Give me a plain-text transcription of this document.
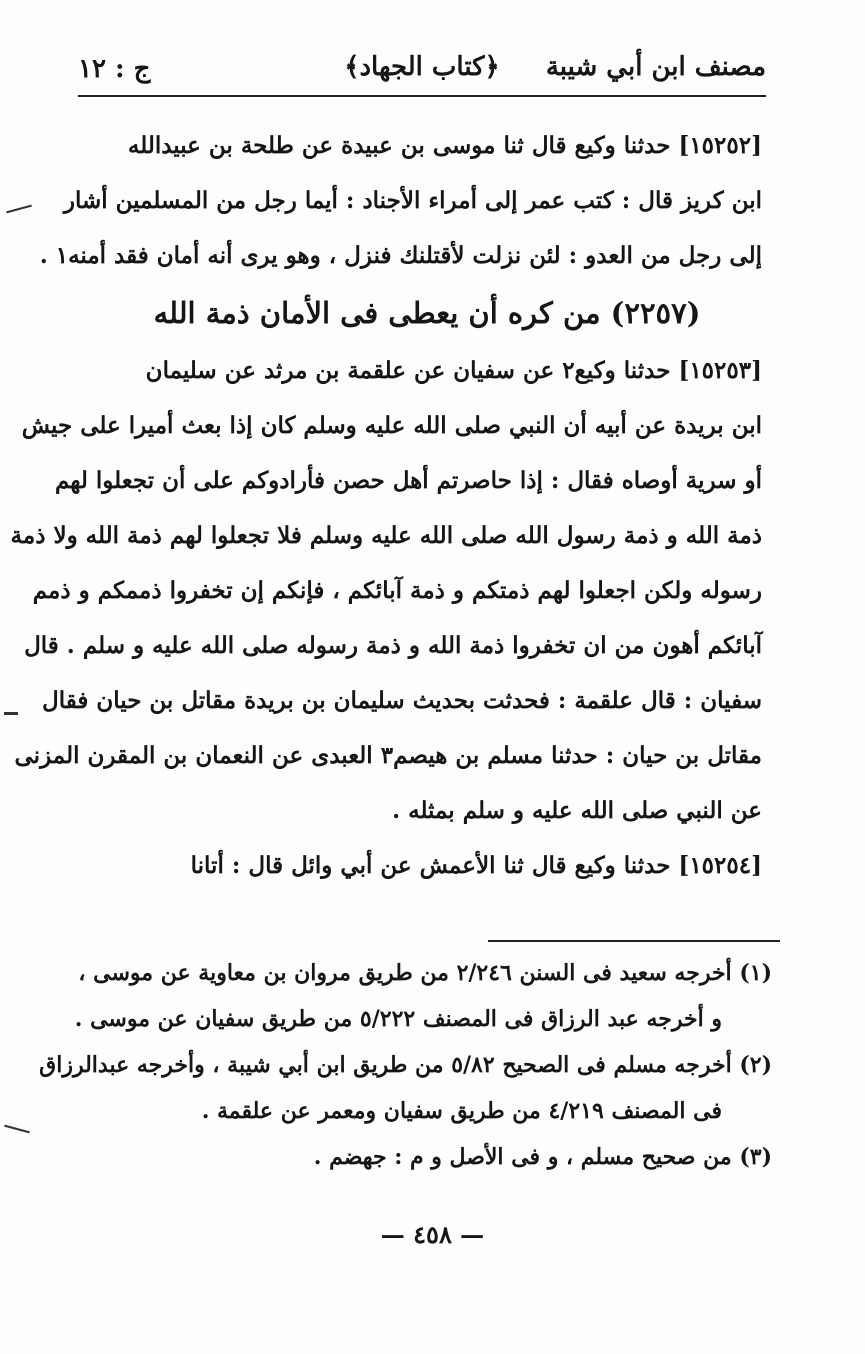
مصنف ابن أبي شيبة
﴿كتاب الجهاد﴾
ج : ١٢
[١٥٢٥٢] حدثنا وكيع قال ثنا موسى بن عبيدة عن طلحة بن عبيدالله
ابن كريز قال : كتب عمر إلى أمراء الأجناد : أيما رجل من المسلمين أشار
إلى رجل من العدو : لئن نزلت لأقتلنك فنزل ، وهو يرى أنه أمان فقد أمنه١ .
(٢٢٥٧) من كره أن يعطى فى الأمان ذمة الله
[١٥٢٥٣] حدثنا وكيع٢ عن سفيان عن علقمة بن مرثد عن سليمان
ابن بريدة عن أبيه أن النبي صلى الله عليه وسلم كان إذا بعث أميرا على جيش
أو سرية أوصاه فقال : إذا حاصرتم أهل حصن فأرادوكم على أن تجعلوا لهم
ذمة الله و ذمة رسول الله صلى الله عليه وسلم فلا تجعلوا لهم ذمة الله ولا ذمة
رسوله ولكن اجعلوا لهم ذمتكم و ذمة آبائكم ، فإنكم إن تخفروا ذممكم و ذمم
آبائكم أهون من ان تخفروا ذمة الله و ذمة رسوله صلى الله عليه و سلم . قال
سفيان : قال علقمة : فحدثت بحديث سليمان بن بريدة مقاتل بن حيان فقال
مقاتل بن حيان : حدثنا مسلم بن هيصم٣ العبدى عن النعمان بن المقرن المزنى
عن النبي صلى الله عليه و سلم بمثله .
[١٥٢٥٤] حدثنا وكيع قال ثنا الأعمش عن أبي وائل قال : أتانا
(١) أخرجه سعيد فى السنن ٢/٢٤٦ من طريق مروان بن معاوية عن موسى ،
و أخرجه عبد الرزاق فى المصنف ٥/٢٢٢ من طريق سفيان عن موسى .
(٢) أخرجه مسلم فى الصحيح ٥/٨٢ من طريق ابن أبي شيبة ، وأخرجه عبدالرزاق
فى المصنف ٤/٢١٩ من طريق سفيان ومعمر عن علقمة .
(٣) من صحيح مسلم ، و فى الأصل و م : جهضم .
— ٤٥٨ —
